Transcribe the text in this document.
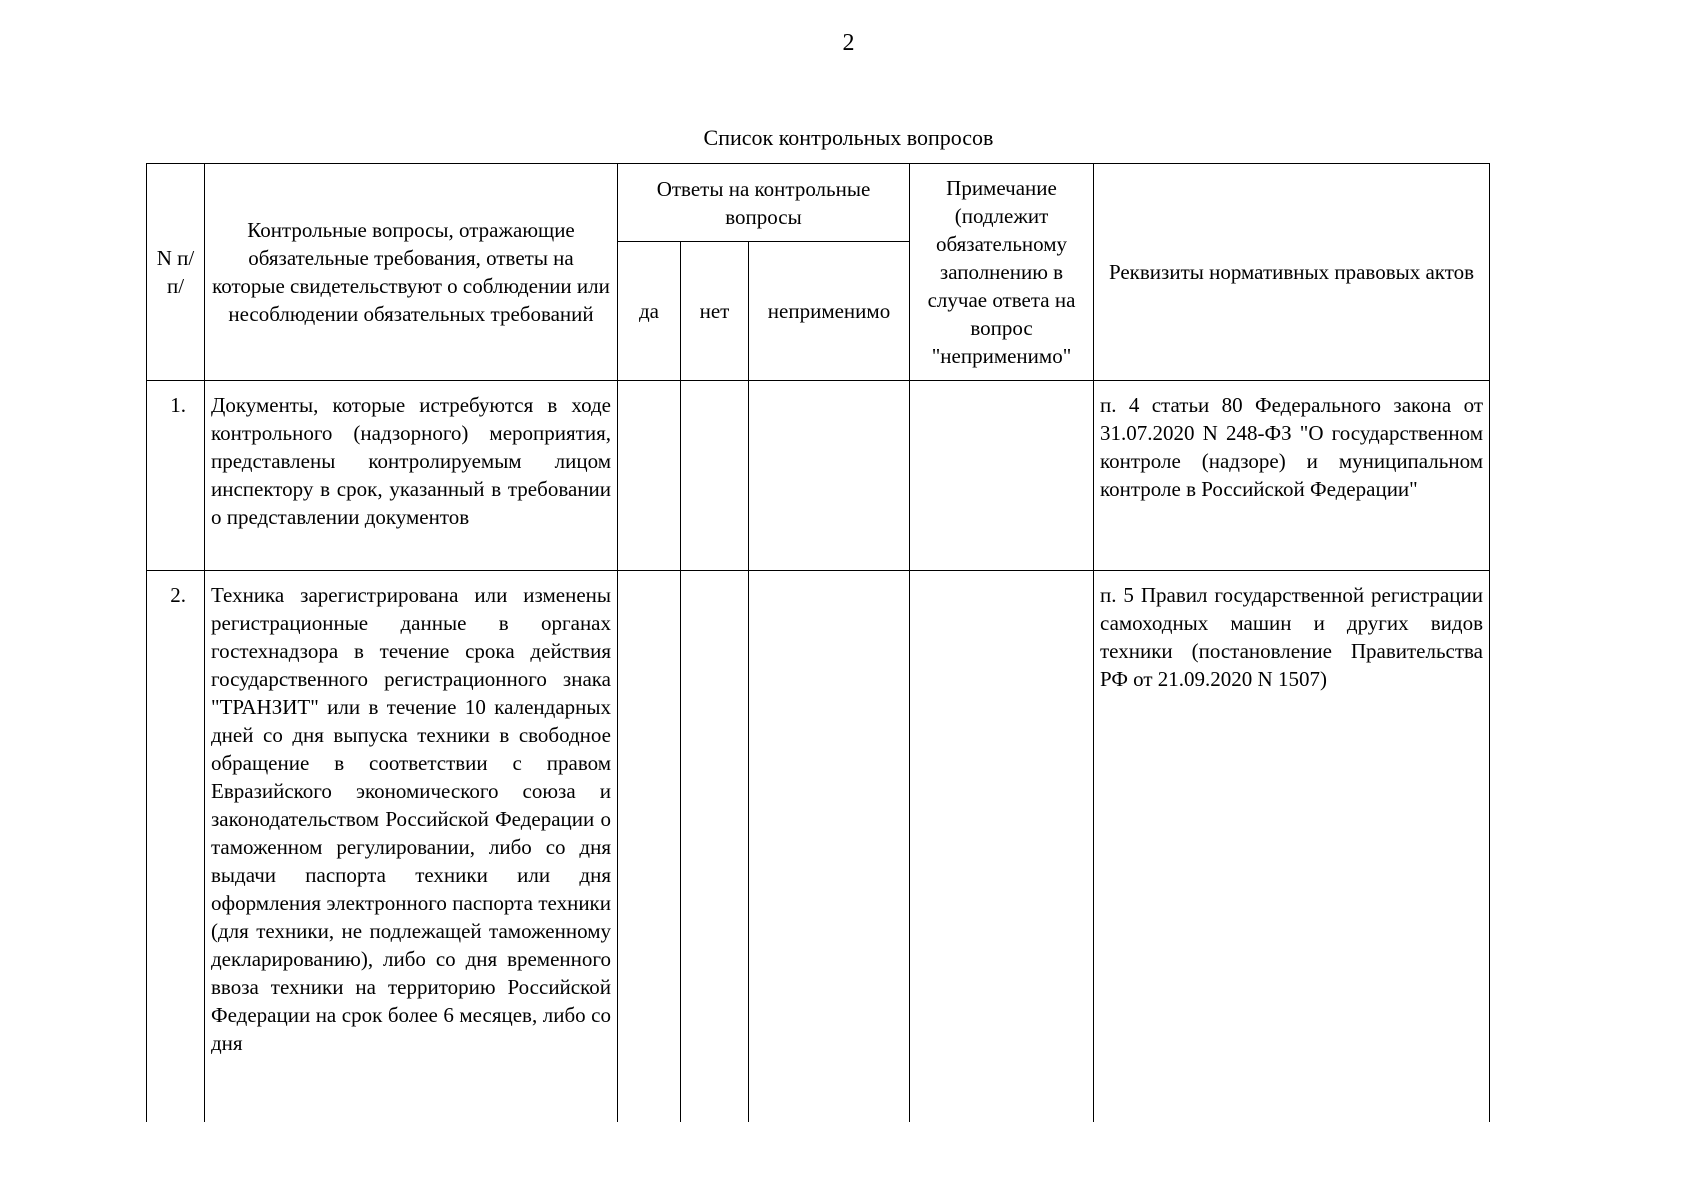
2
Список контрольных вопросов
N п/п/	Контрольные вопросы, отражающие обязательные требования, ответы на которые свидетельствуют о соблюдении или несоблюдении обязательных требований	Ответы на контрольные вопросы			Примечание (подлежит обязательному заполнению в случае ответа на вопрос "неприменимо"	Реквизиты нормативных правовых актов
		да	нет	неприменимо		
1.	Документы, которые истребуются в ходе контрольного (надзорного) мероприятия, представлены контролируемым лицом инспектору в срок, указанный в требовании о представлении документов					п. 4 статьи 80 Федерального закона от 31.07.2020 N 248-ФЗ "О государственном контроле (надзоре) и муниципальном контроле в Российской Федерации"
2.	Техника зарегистрирована или изменены регистрационные данные в органах гостехнадзора в течение срока действия государственного регистрационного знака "ТРАНЗИТ" или в течение 10 календарных дней со дня выпуска техники в свободное обращение в соответствии с правом Евразийского экономического союза и законодательством Российской Федерации о таможенном регулировании, либо со дня выдачи паспорта техники или дня оформления электронного паспорта техники (для техники, не подлежащей таможенному декларированию), либо со дня временного ввоза техники на территорию Российской Федерации на срок более 6 месяцев, либо со дня					п. 5 Правил государственной регистрации самоходных машин и других видов техники (постановление Правительства РФ от 21.09.2020 N 1507)
